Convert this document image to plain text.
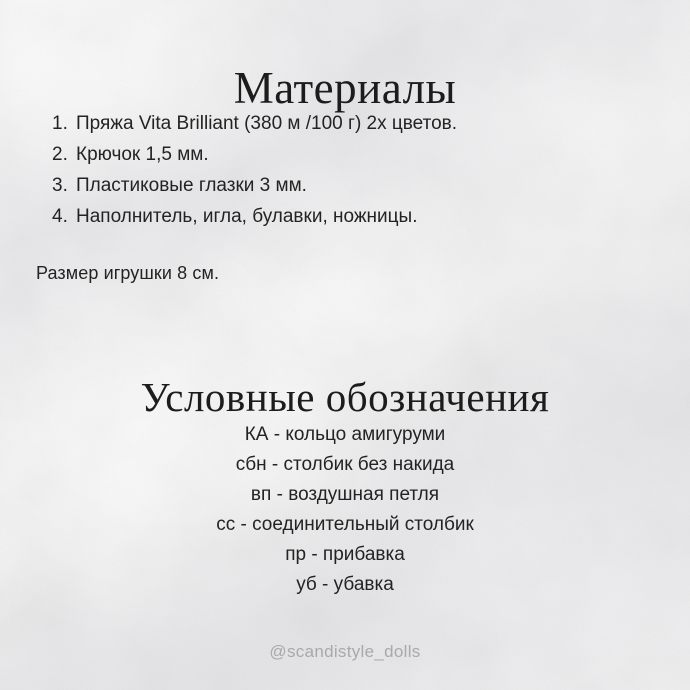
Материалы
1. Пряжа Vita Brilliant (380 м /100 г) 2х цветов.
2. Крючок 1,5 мм.
3. Пластиковые глазки 3 мм.
4. Наполнитель, игла, булавки, ножницы.
Размер игрушки 8 см.
Условные обозначения
КА - кольцо амигуруми
сбн - столбик без накида
вп - воздушная петля
сс - соединительный столбик
пр - прибавка
уб - убавка
@scandistyle_dolls
